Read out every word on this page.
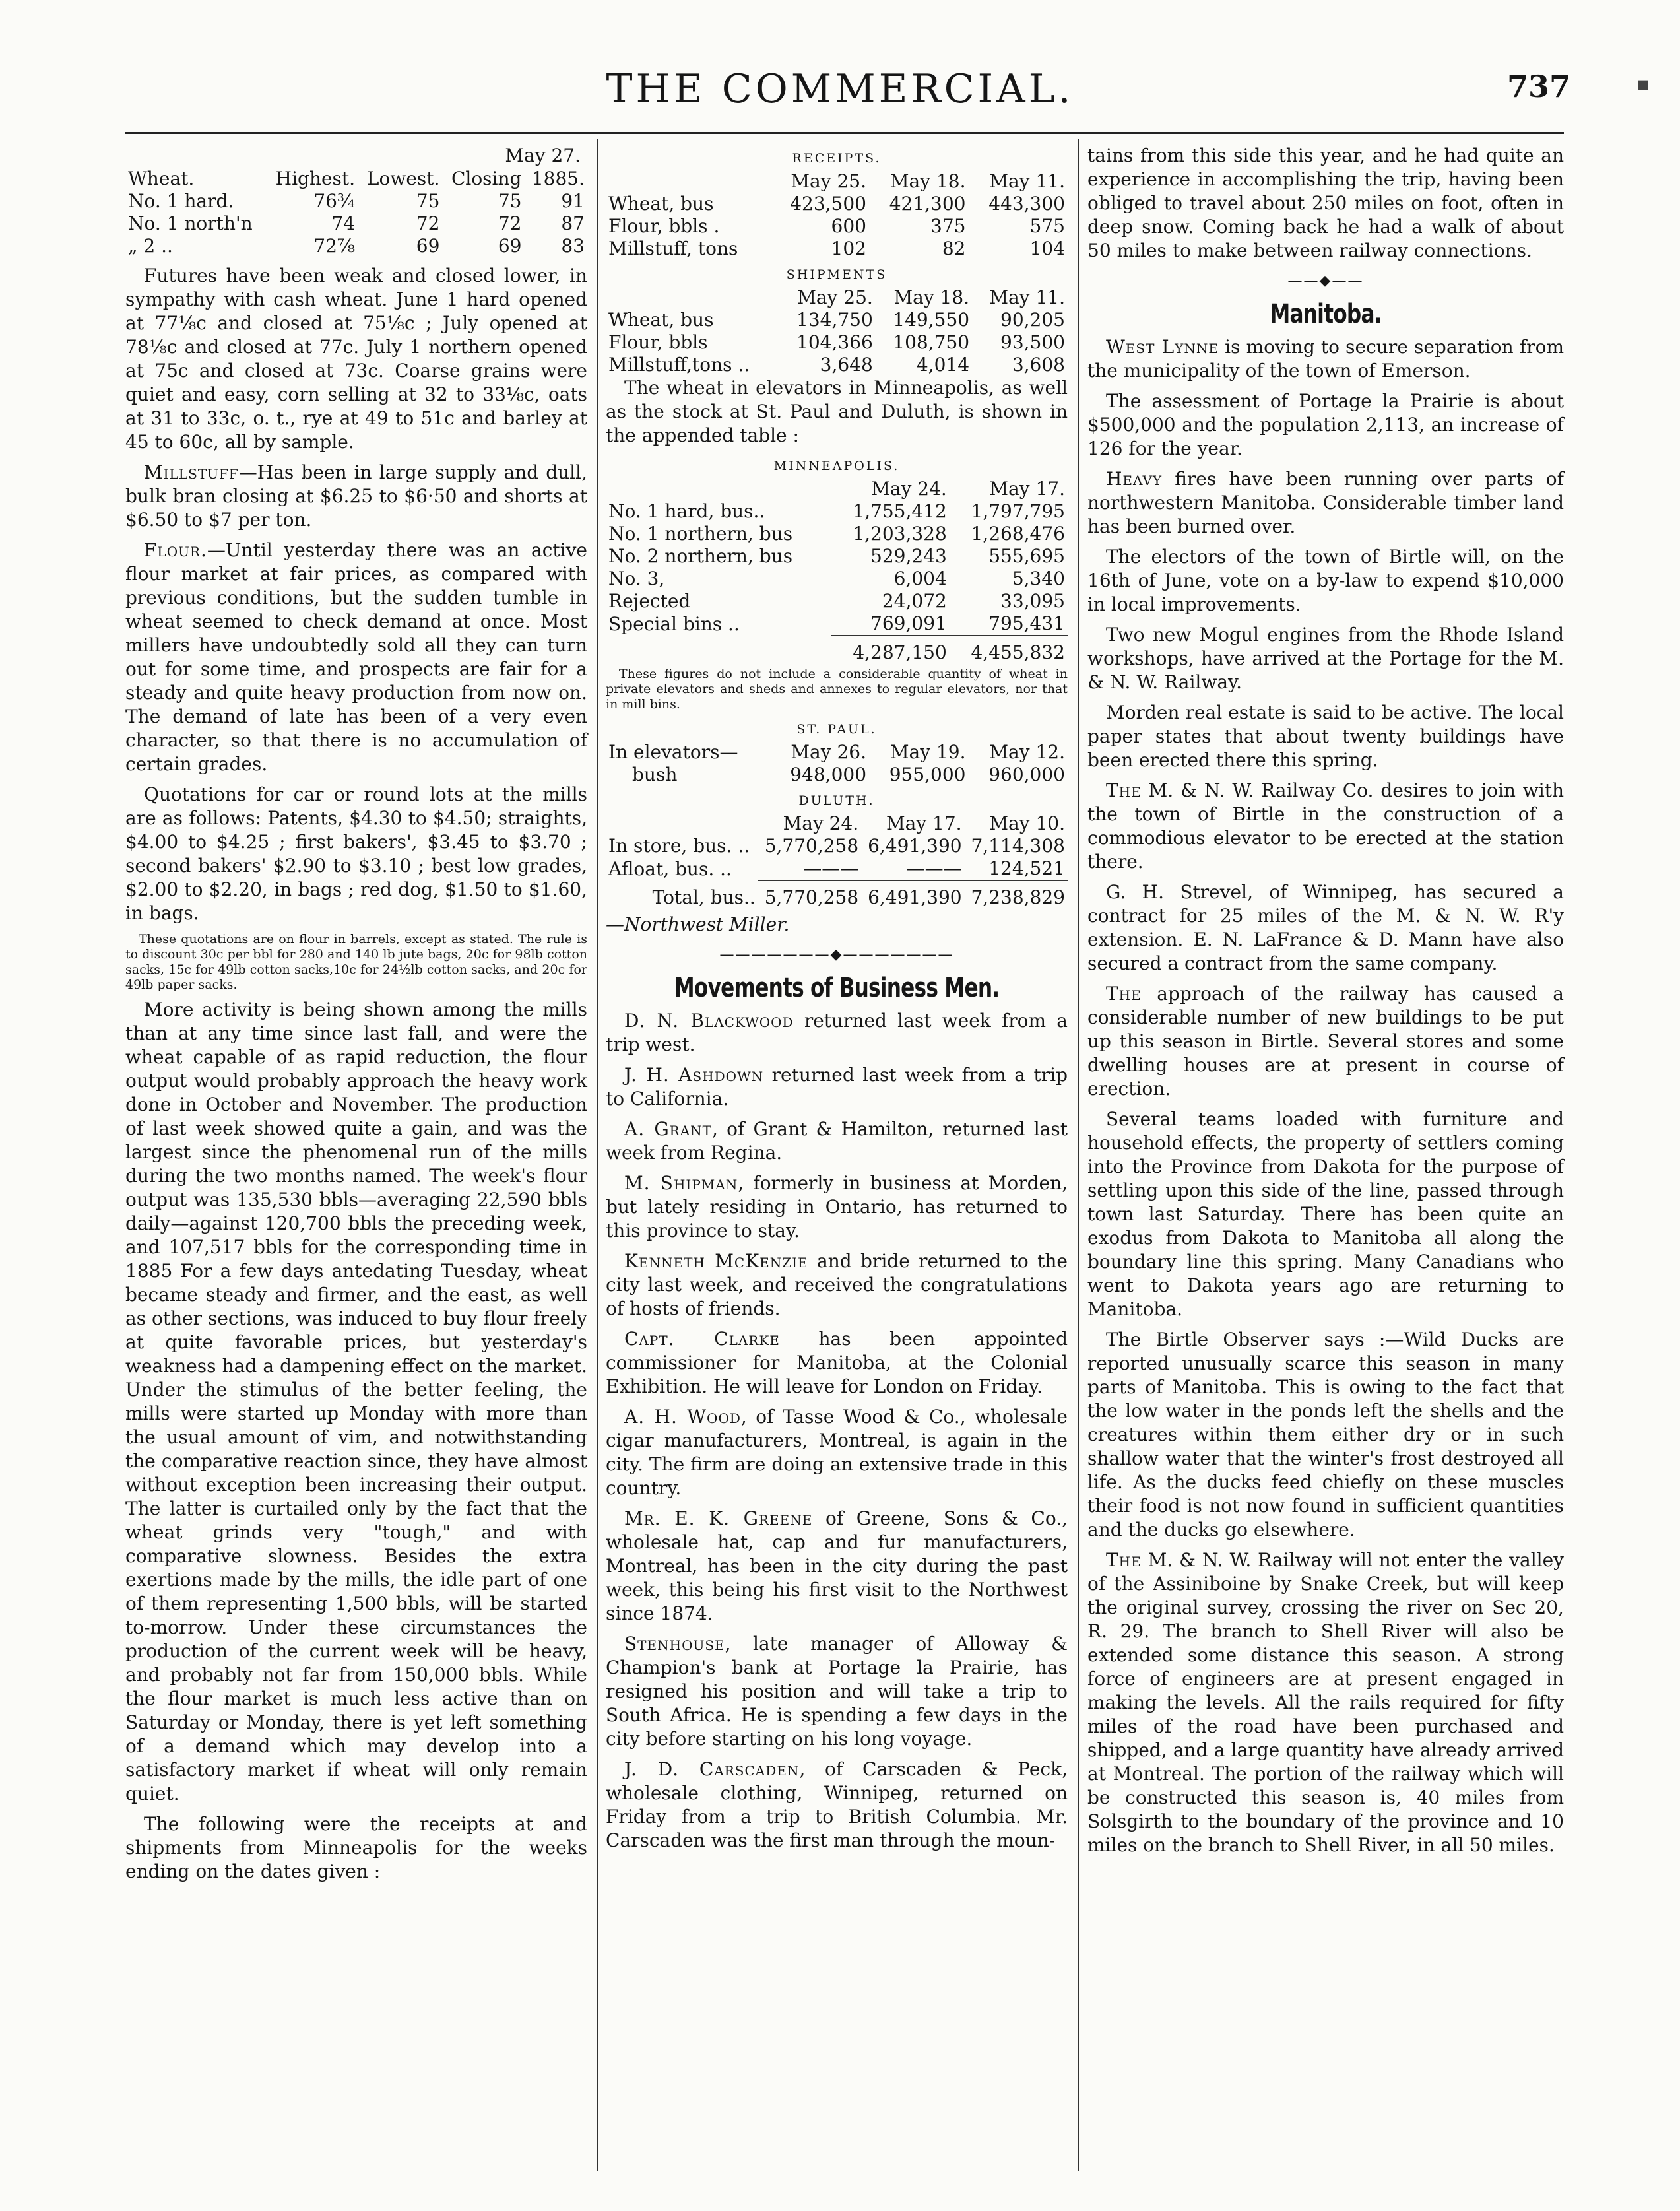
THE COMMERCIAL.	737	▪
May 27.
Wheat.	Highest.	Lowest.	Closing	1885.
No. 1 hard.	76¾	75	75	91
No. 1 north'n	74	72	72	87
„ 2 ..	72⅞	69	69	83

Futures have been weak and closed lower, in sympathy with cash wheat. June 1 hard opened at 77⅛c and closed at 75⅛c ; July opened at 78⅛c and closed at 77c. July 1 northern opened at 75c and closed at 73c. Coarse grains were quiet and easy, corn selling at 32 to 33⅛c, oats at 31 to 33c, o. t., rye at 49 to 51c and barley at 45 to 60c, all by sample.

Millstuff—Has been in large supply and dull, bulk bran closing at $6.25 to $6·50 and shorts at $6.50 to $7 per ton.

Flour.—Until yesterday there was an active flour market at fair prices, as compared with previous conditions, but the sudden tumble in wheat seemed to check demand at once. Most millers have undoubtedly sold all they can turn out for some time, and prospects are fair for a steady and quite heavy production from now on. The demand of late has been of a very even character, so that there is no accumulation of certain grades.

Quotations for car or round lots at the mills are as follows: Patents, $4.30 to $4.50; straights, $4.00 to $4.25 ; first bakers', $3.45 to $3.70 ; second bakers' $2.90 to $3.10 ; best low grades, $2.00 to $2.20, in bags ; red dog, $1.50 to $1.60, in bags.

These quotations are on flour in barrels, except as stated. The rule is to discount 30c per bbl for 280 and 140 lb jute bags, 20c for 98lb cotton sacks, 15c for 49lb cotton sacks,10c for 24½lb cotton sacks, and 20c for 49lb paper sacks.

More activity is being shown among the mills than at any time since last fall, and were the wheat capable of as rapid reduction, the flour output would probably approach the heavy work done in October and November. The production of last week showed quite a gain, and was the largest since the phenomenal run of the mills during the two months named. The week's flour output was 135,530 bbls—averaging 22,590 bbls daily—against 120,700 bbls the preceding week, and 107,517 bbls for the corresponding time in 1885 For a few days antedating Tuesday, wheat became steady and firmer, and the east, as well as other sections, was induced to buy flour freely at quite favorable prices, but yesterday's weakness had a dampening effect on the market. Under the stimulus of the better feeling, the mills were started up Monday with more than the usual amount of vim, and notwithstanding the comparative reaction since, they have almost without exception been increasing their output. The latter is curtailed only by the fact that the wheat grinds very "tough," and with comparative slowness. Besides the extra exertions made by the mills, the idle part of one of them representing 1,500 bbls, will be started to-morrow. Under these circumstances the production of the current week will be heavy, and probably not far from 150,000 bbls. While the flour market is much less active than on Saturday or Monday, there is yet left something of a demand which may develop into a satisfactory market if wheat will only remain quiet.

The following were the receipts at and shipments from Minneapolis for the weeks ending on the dates given :

RECEIPTS.
	May 25.	May 18.	May 11.
Wheat, bus	423,500	421,300	443,300
Flour, bbls .	600	375	575
Millstuff, tons	102	82	104
SHIPMENTS
	May 25.	May 18.	May 11.
Wheat, bus	134,750	149,550	90,205
Flour, bbls	104,366	108,750	93,500
Millstuff,tons ..	3,648	4,014	3,608

The wheat in elevators in Minneapolis, as well as the stock at St. Paul and Duluth, is shown in the appended table :

MINNEAPOLIS.
	May 24.	May 17.
No. 1 hard, bus..	1,755,412	1,797,795
No. 1 northern, bus	1,203,328	1,268,476
No. 2 northern, bus	529,243	555,695
No. 3,	6,004	5,340
Rejected	24,072	33,095
Special bins ..	769,091	795,431
	4,287,150	4,455,832

These figures do not include a considerable quantity of wheat in private elevators and sheds and annexes to regular elevators, nor that in mill bins.

ST. PAUL.
In elevators—	May 26.	May 19.	May 12.
bush	948,000	955,000	960,000
DULUTH.
	May 24.	May 17.	May 10.
In store, bus. ..	5,770,258	6,491,390	7,114,308
Afloat, bus. ..	———	———	124,521
Total, bus..	5,770,258	6,491,390	7,238,829
—Northwest Miller.
———————◆———————
Movements of Business Men.

D. N. Blackwood returned last week from a trip west.

J. H. Ashdown returned last week from a trip to California.

A. Grant, of Grant & Hamilton, returned last week from Regina.

M. Shipman, formerly in business at Morden, but lately residing in Ontario, has returned to this province to stay.

Kenneth McKenzie and bride returned to the city last week, and received the congratulations of hosts of friends.

Capt. Clarke has been appointed commissioner for Manitoba, at the Colonial Exhibition. He will leave for London on Friday.

A. H. Wood, of Tasse Wood & Co., wholesale cigar manufacturers, Montreal, is again in the city. The firm are doing an extensive trade in this country.

Mr. E. K. Greene of Greene, Sons & Co., wholesale hat, cap and fur manufacturers, Montreal, has been in the city during the past week, this being his first visit to the Northwest since 1874.

Stenhouse, late manager of Alloway & Champion's bank at Portage la Prairie, has resigned his position and will take a trip to South Africa. He is spending a few days in the city before starting on his long voyage.

J. D. Carscaden, of Carscaden & Peck, wholesale clothing, Winnipeg, returned on Friday from a trip to British Columbia. Mr. Carscaden was the first man through the moun-

tains from this side this year, and he had quite an experience in accomplishing the trip, having been obliged to travel about 250 miles on foot, often in deep snow. Coming back he had a walk of about 50 miles to make between railway connections.

——◆——
Manitoba.

West Lynne is moving to secure separation from the municipality of the town of Emerson.

The assessment of Portage la Prairie is about $500,000 and the population 2,113, an increase of 126 for the year.

Heavy fires have been running over parts of northwestern Manitoba. Considerable timber land has been burned over.

The electors of the town of Birtle will, on the 16th of June, vote on a by-law to expend $10,000 in local improvements.

Two new Mogul engines from the Rhode Island workshops, have arrived at the Portage for the M. & N. W. Railway.

Morden real estate is said to be active. The local paper states that about twenty buildings have been erected there this spring.

The M. & N. W. Railway Co. desires to join with the town of Birtle in the construction of a commodious elevator to be erected at the station there.

G. H. Strevel, of Winnipeg, has secured a contract for 25 miles of the M. & N. W. R'y extension. E. N. LaFrance & D. Mann have also secured a contract from the same company.

The approach of the railway has caused a considerable number of new buildings to be put up this season in Birtle. Several stores and some dwelling houses are at present in course of erection.

Several teams loaded with furniture and household effects, the property of settlers coming into the Province from Dakota for the purpose of settling upon this side of the line, passed through town last Saturday. There has been quite an exodus from Dakota to Manitoba all along the boundary line this spring. Many Canadians who went to Dakota years ago are returning to Manitoba.

The Birtle Observer says :—Wild Ducks are reported unusually scarce this season in many parts of Manitoba. This is owing to the fact that the low water in the ponds left the shells and the creatures within them either dry or in such shallow water that the winter's frost destroyed all life. As the ducks feed chiefly on these muscles their food is not now found in sufficient quantities and the ducks go elsewhere.

The M. & N. W. Railway will not enter the valley of the Assiniboine by Snake Creek, but will keep the original survey, crossing the river on Sec 20, R. 29. The branch to Shell River will also be extended some distance this season. A strong force of engineers are at present engaged in making the levels. All the rails required for fifty miles of the road have been purchased and shipped, and a large quantity have already arrived at Montreal. The portion of the railway which will be constructed this season is, 40 miles from Solsgirth to the boundary of the province and 10 miles on the branch to Shell River, in all 50 miles.
